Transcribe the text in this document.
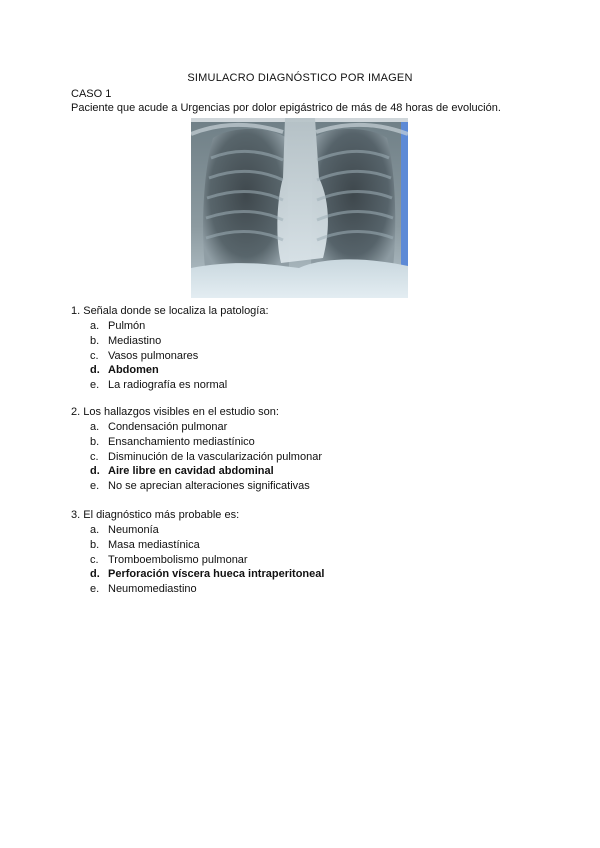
SIMULACRO DIAGNÓSTICO POR IMAGEN
CASO 1
Paciente que acude a Urgencias por dolor epigástrico de más de 48 horas de evolución.

1. Señala donde se localiza la patología:

a. Pulmón
b. Mediastino
c. Vasos pulmonares
d. Abdomen
e. La radiografía es normal

2. Los hallazgos visibles en el estudio son:

a. Condensación pulmonar
b. Ensanchamiento mediastínico
c. Disminución de la vascularización pulmonar
d. Aire libre en cavidad abdominal
e. No se aprecian alteraciones significativas

3. El diagnóstico más probable es:

a. Neumonía
b. Masa mediastínica
c. Tromboembolismo pulmonar
d. Perforación víscera hueca intraperitoneal
e. Neumomediastino
